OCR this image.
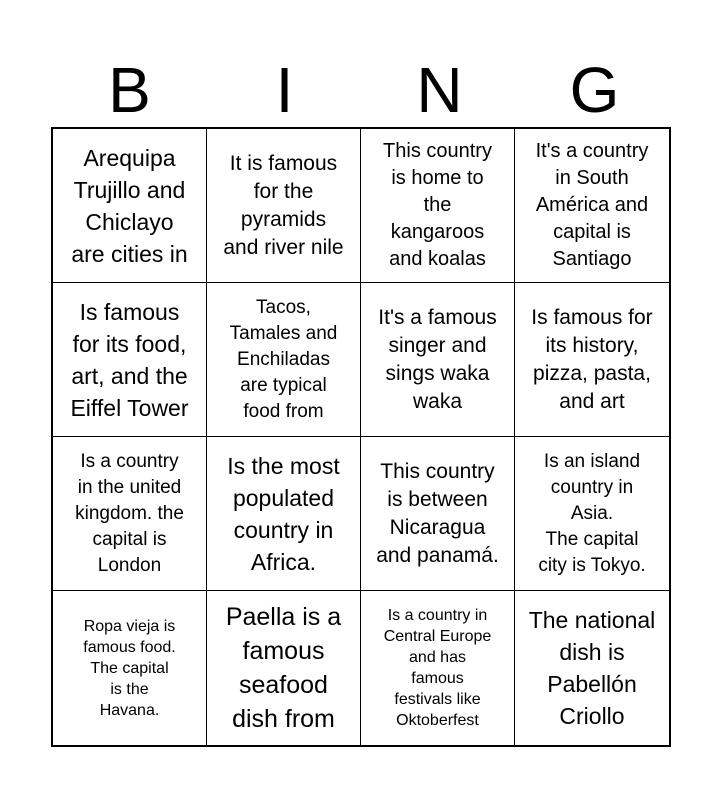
B	I	N	G
Arequipa
Trujillo and
Chiclayo
are cities in
It is famous
for the
pyramids
and river nile
This country
is home to
the
kangaroos
and koalas
It's a country
in South
América and
capital is
Santiago
Is famous
for its food,
art, and the
Eiffel Tower
Tacos,
Tamales and
Enchiladas
are typical
food from
It's a famous
singer and
sings waka
waka
Is famous for
its history,
pizza, pasta,
and art
Is a country
in the united
kingdom. the
capital is
London
Is the most
populated
country in
Africa.
This country
is between
Nicaragua
and panamá.
Is an island
country in
Asia.
The capital
city is Tokyo.
Ropa vieja is
famous food.
The capital
is the
Havana.
Paella is a
famous
seafood
dish from
Is a country in
Central Europe
and has
famous
festivals like
Oktoberfest
The national
dish is
Pabellón
Criollo
